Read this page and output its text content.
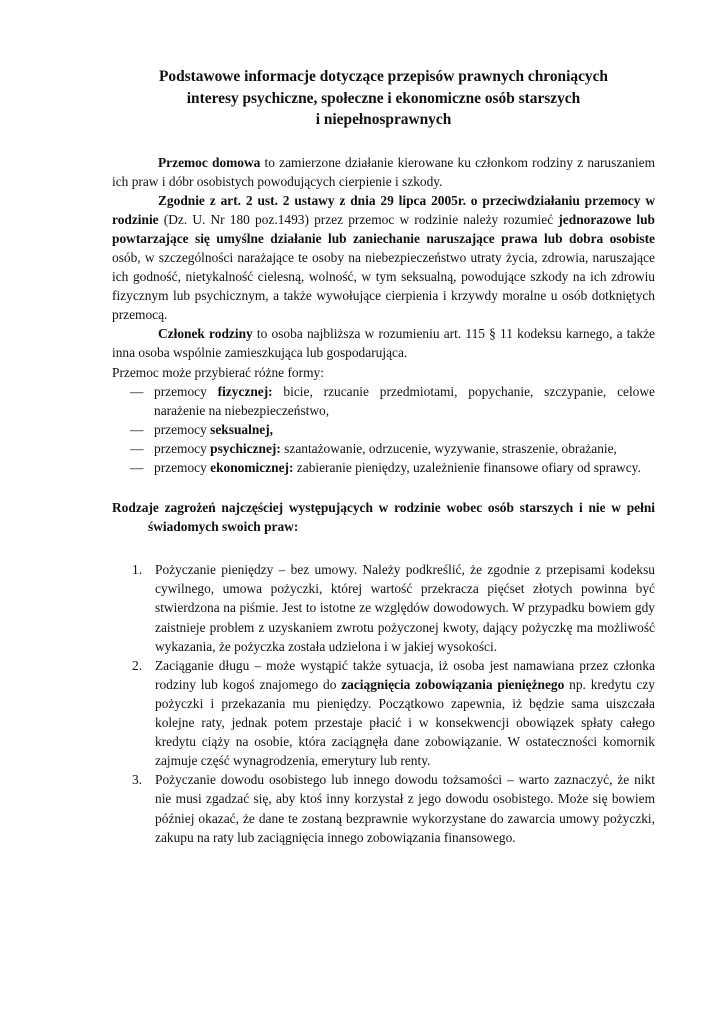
Podstawowe informacje dotyczące przepisów prawnych chroniących
interesy psychiczne, społeczne i ekonomiczne osób starszych
i niepełnosprawnych

Przemoc domowa to zamierzone działanie kierowane ku członkom rodziny z naruszaniem ich praw i dóbr osobistych powodujących cierpienie i szkody.

Zgodnie z art. 2 ust. 2 ustawy z dnia 29 lipca 2005r. o przeciwdziałaniu przemocy w rodzinie (Dz. U. Nr 180 poz.1493) przez przemoc w rodzinie należy rozumieć jednorazowe lub powtarzające się umyślne działanie lub zaniechanie naruszające prawa lub dobra osobiste osób, w szczególności narażające te osoby na niebezpieczeństwo utraty życia, zdrowia, naruszające ich godność, nietykalność cielesną, wolność, w tym seksualną, powodujące szkody na ich zdrowiu fizycznym lub psychicznym, a także wywołujące cierpienia i krzywdy moralne u osób dotkniętych przemocą.

Członek rodziny to osoba najbliższa w rozumieniu art. 115 § 11 kodeksu karnego, a także inna osoba wspólnie zamieszkująca lub gospodarująca.

Przemoc może przybierać różne formy:

— przemocy fizycznej: bicie, rzucanie przedmiotami, popychanie, szczypanie, celowe narażenie na niebezpieczeństwo,
— przemocy seksualnej,
— przemocy psychicznej: szantażowanie, odrzucenie, wyzywanie, straszenie, obrażanie,
— przemocy ekonomicznej: zabieranie pieniędzy, uzależnienie finansowe ofiary od sprawcy.

Rodzaje zagrożeń najczęściej występujących w rodzinie wobec osób starszych i nie w pełni świadomych swoich praw:

1. Pożyczanie pieniędzy – bez umowy. Należy podkreślić, że zgodnie z przepisami kodeksu cywilnego, umowa pożyczki, której wartość przekracza pięćset złotych powinna być stwierdzona na piśmie. Jest to istotne ze względów dowodowych. W przypadku bowiem gdy zaistnieje problem z uzyskaniem zwrotu pożyczonej kwoty, dający pożyczkę ma możliwość wykazania, że pożyczka została udzielona i w jakiej wysokości.
2. Zaciąganie długu – może wystąpić także sytuacja, iż osoba jest namawiana przez członka rodziny lub kogoś znajomego do zaciągnięcia zobowiązania pieniężnego np. kredytu czy pożyczki i przekazania mu pieniędzy. Początkowo zapewnia, iż będzie sama uiszczała kolejne raty, jednak potem przestaje płacić i w konsekwencji obowiązek spłaty całego kredytu ciąży na osobie, która zaciągnęła dane zobowiązanie. W ostateczności komornik zajmuje część wynagrodzenia, emerytury lub renty.
3. Pożyczanie dowodu osobistego lub innego dowodu tożsamości – warto zaznaczyć, że nikt nie musi zgadzać się, aby ktoś inny korzystał z jego dowodu osobistego. Może się bowiem później okazać, że dane te zostaną bezprawnie wykorzystane do zawarcia umowy pożyczki, zakupu na raty lub zaciągnięcia innego zobowiązania finansowego.
